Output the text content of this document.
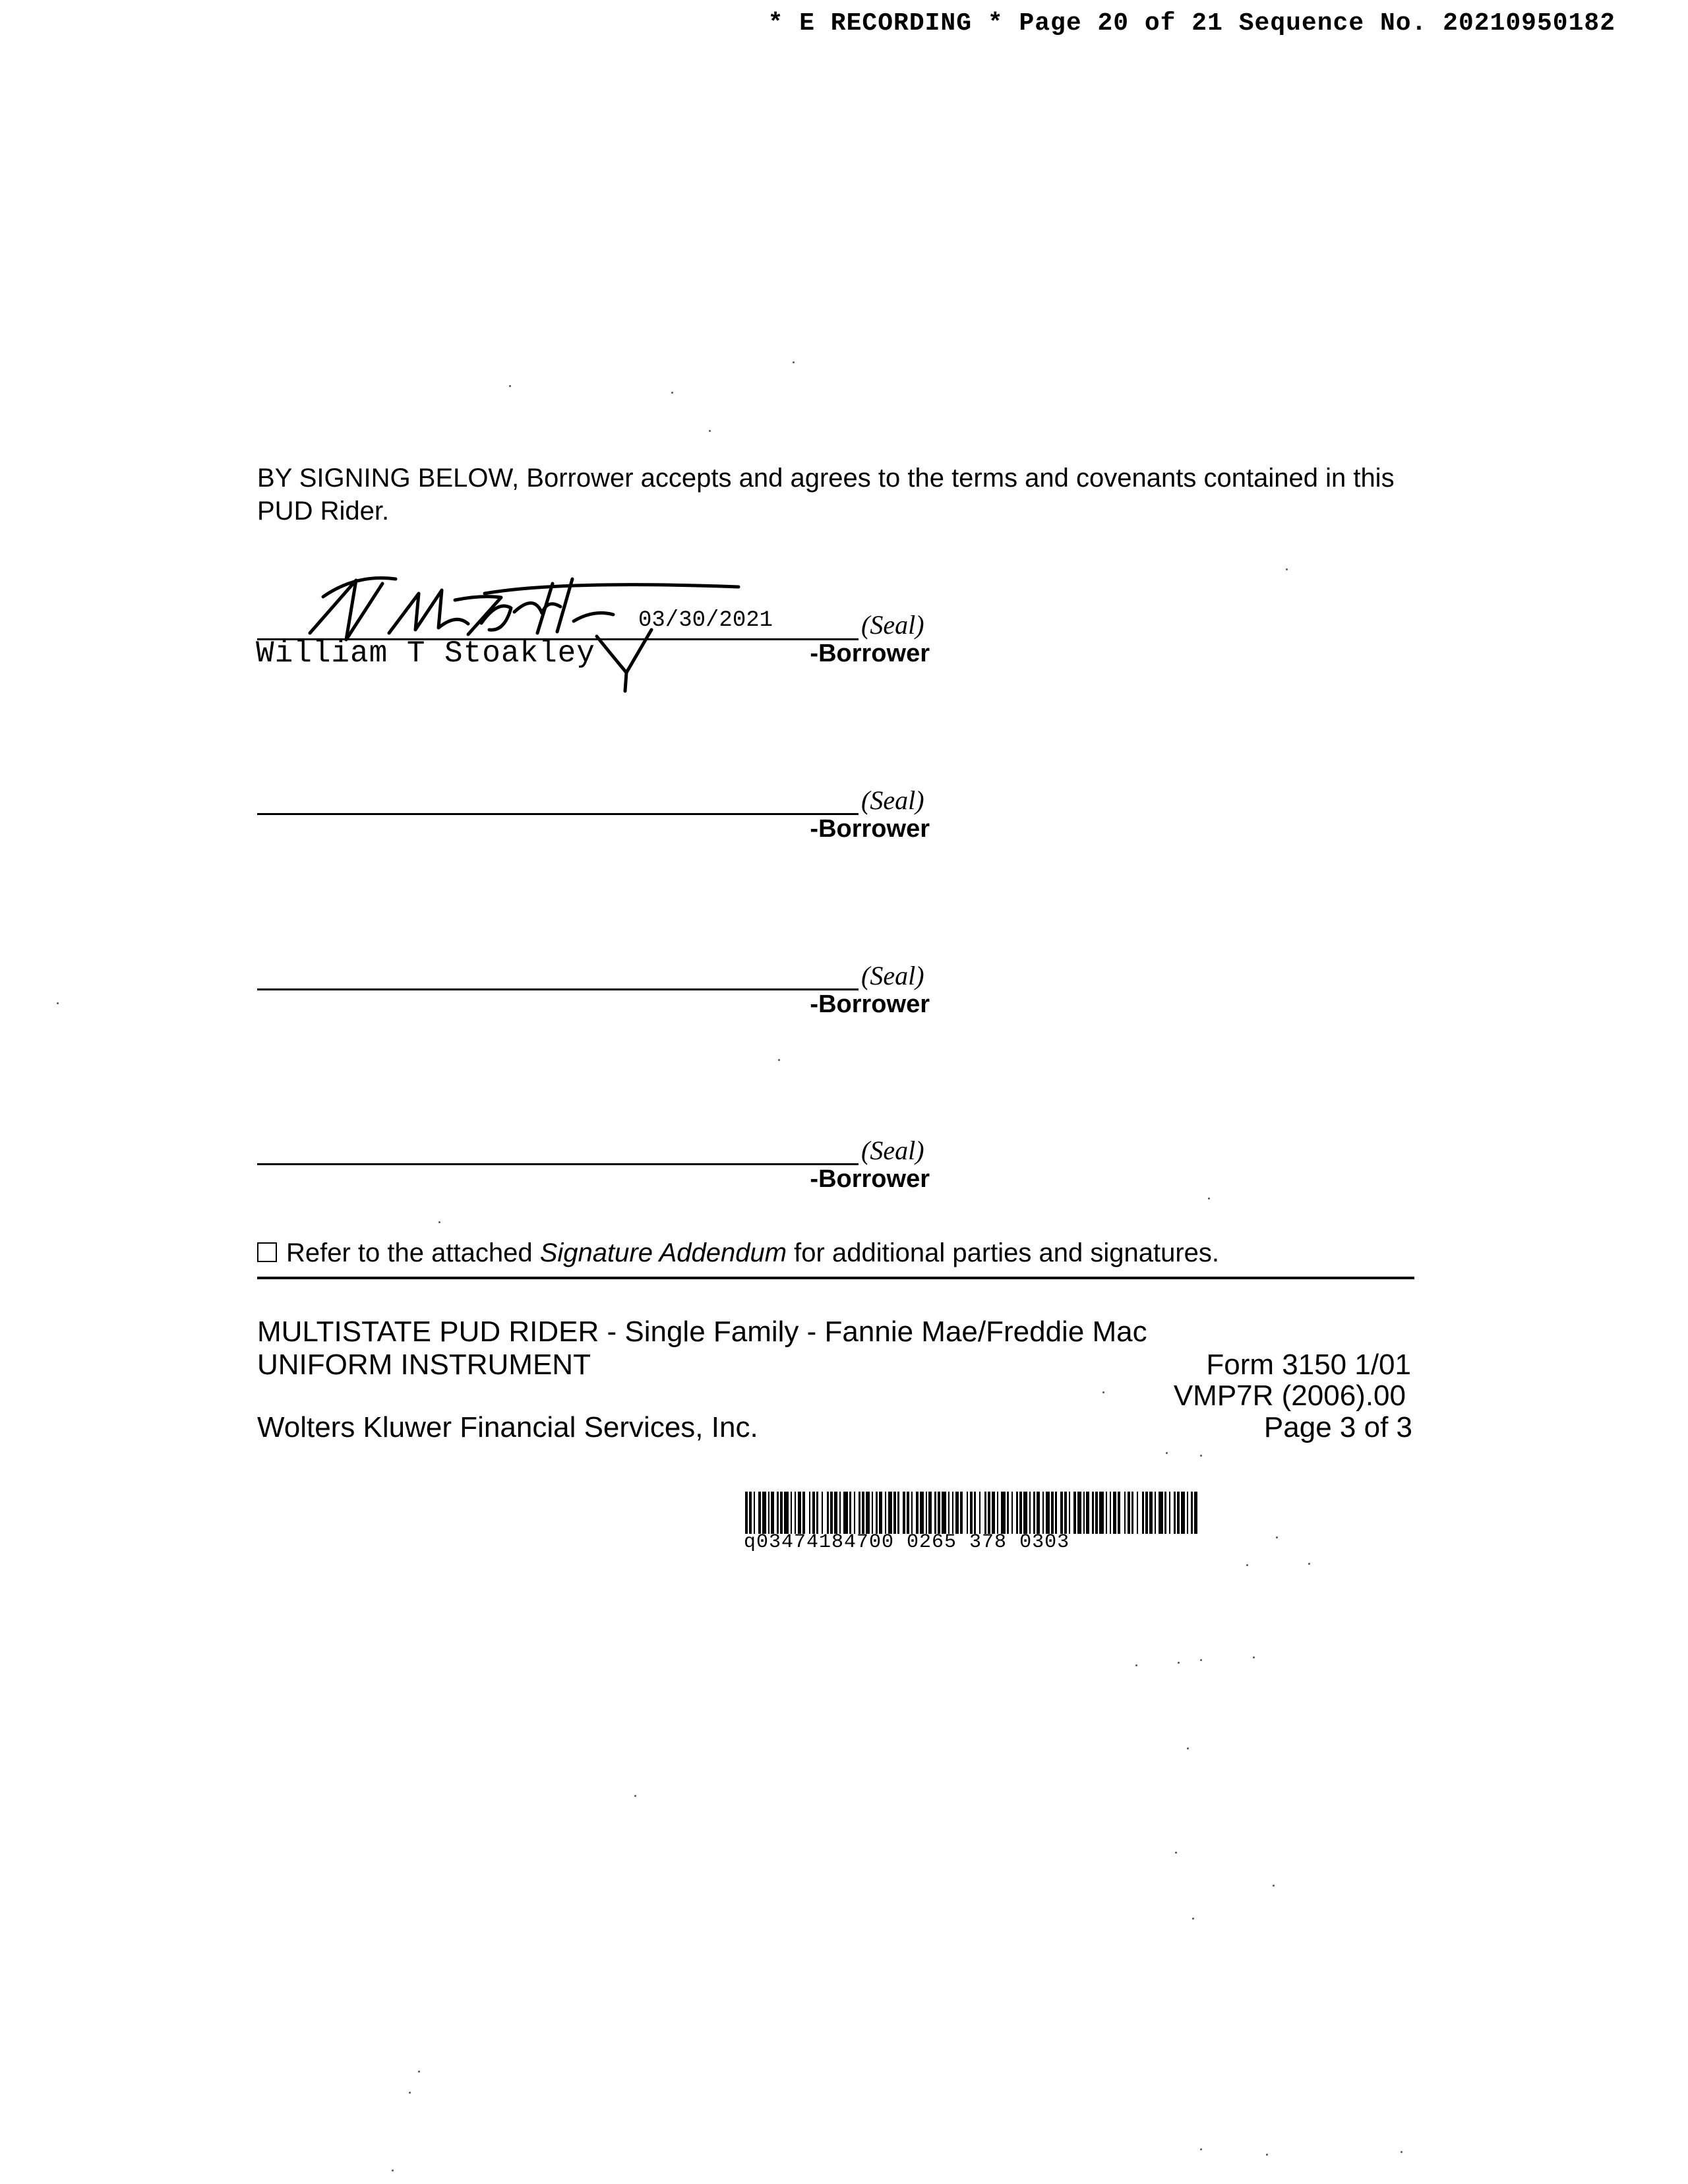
* E RECORDING * Page 20 of 21 Sequence No. 20210950182
BY SIGNING BELOW, Borrower accepts and agrees to the terms and covenants contained in this PUD Rider.
03/30/2021
William T Stoakley
(Seal)
-Borrower
(Seal)
-Borrower
(Seal)
-Borrower
(Seal)
-Borrower
Refer to the attached Signature Addendum for additional parties and signatures.
MULTISTATE PUD RIDER - Single Family - Fannie Mae/Freddie Mac
UNIFORM INSTRUMENT	Form 3150 1/01
VMP7R (2006).00
Wolters Kluwer Financial Services, Inc.	Page 3 of 3
q03474184700 0265 378 0303
